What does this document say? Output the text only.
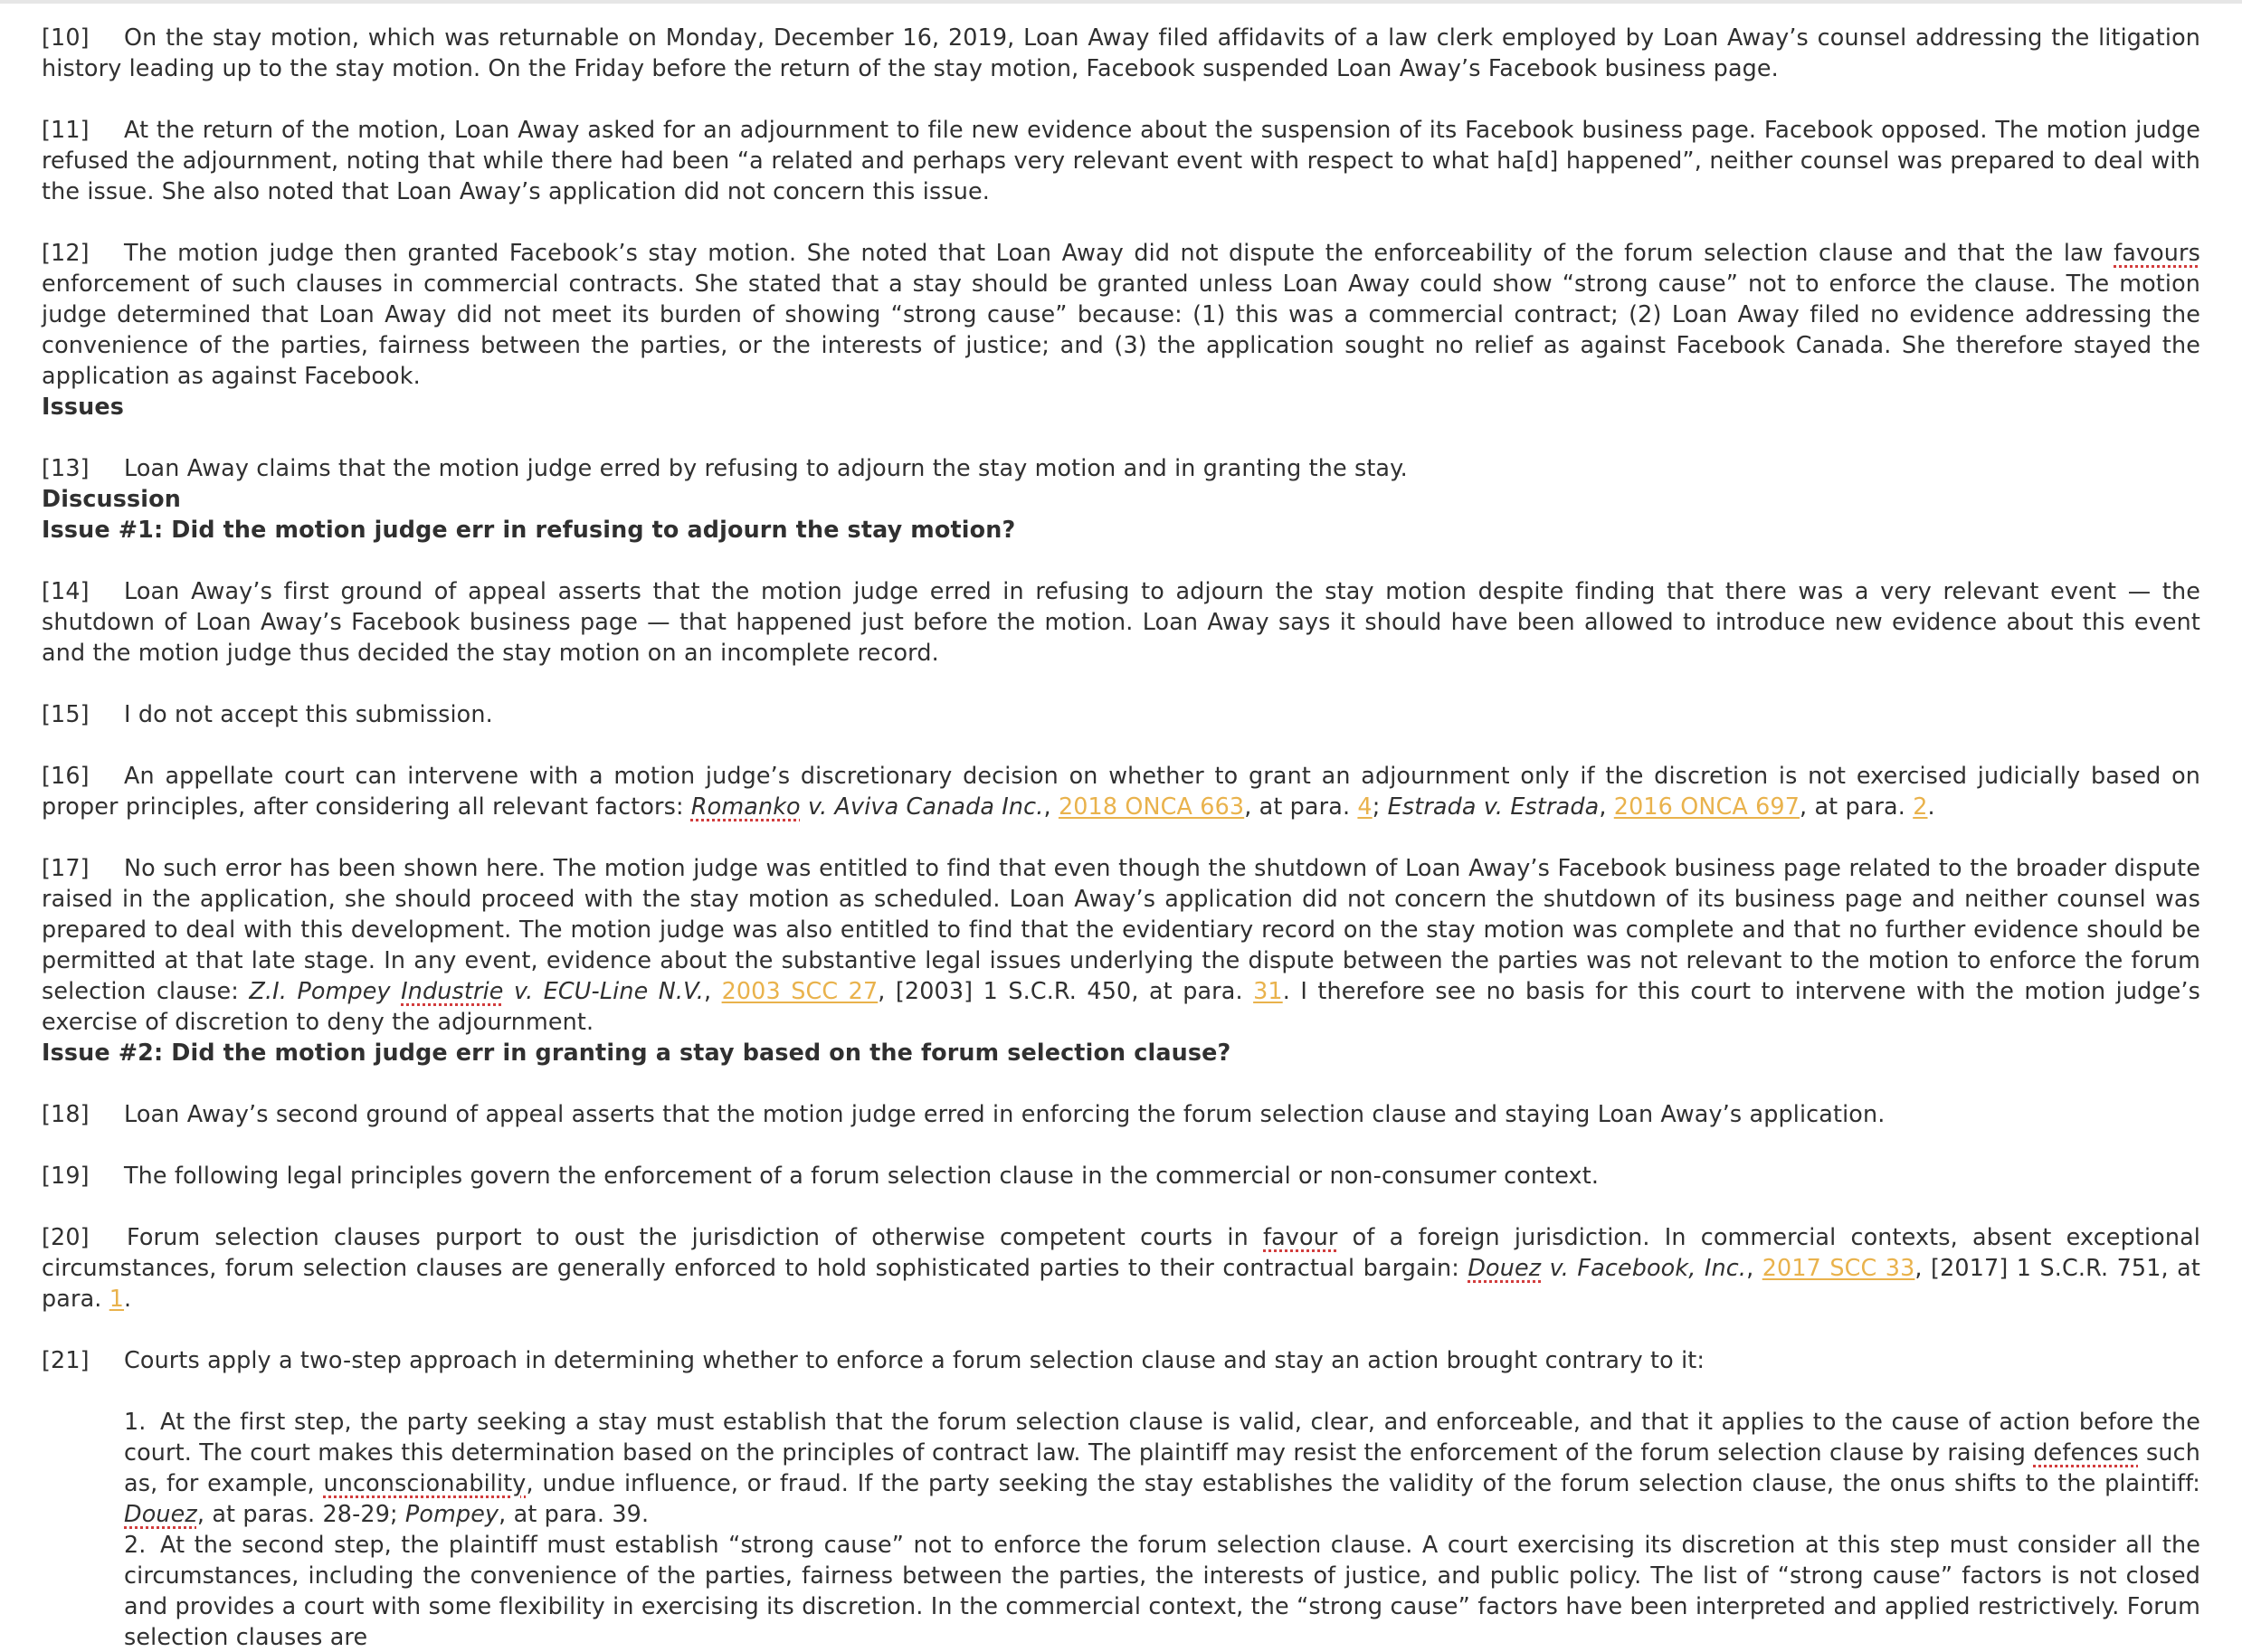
[10] On the stay motion, which was returnable on Monday, December 16, 2019, Loan Away filed affidavits of a law clerk employed by Loan Away’s counsel addressing the litigation history leading up to the stay motion. On the Friday before the return of the stay motion, Facebook suspended Loan Away’s Facebook business page.

[11] At the return of the motion, Loan Away asked for an adjournment to file new evidence about the suspension of its Facebook business page. Facebook opposed. The motion judge refused the adjournment, noting that while there had been “a related and perhaps very relevant event with respect to what ha[d] happened”, neither counsel was prepared to deal with the issue. She also noted that Loan Away’s application did not concern this issue.

[12] The motion judge then granted Facebook’s stay motion. She noted that Loan Away did not dispute the enforceability of the forum selection clause and that the law favours enforcement of such clauses in commercial contracts. She stated that a stay should be granted unless Loan Away could show “strong cause” not to enforce the clause. The motion judge determined that Loan Away did not meet its burden of showing “strong cause” because: (1) this was a commercial contract; (2) Loan Away filed no evidence addressing the convenience of the parties, fairness between the parties, or the interests of justice; and (3) the application sought no relief as against Facebook Canada. She therefore stayed the application as against Facebook.

Issues

[13] Loan Away claims that the motion judge erred by refusing to adjourn the stay motion and in granting the stay.

Discussion

Issue #1: Did the motion judge err in refusing to adjourn the stay motion?

[14] Loan Away’s first ground of appeal asserts that the motion judge erred in refusing to adjourn the stay motion despite finding that there was a very relevant event — the shutdown of Loan Away’s Facebook business page — that happened just before the motion. Loan Away says it should have been allowed to introduce new evidence about this event and the motion judge thus decided the stay motion on an incomplete record.

[15] I do not accept this submission.

[16] An appellate court can intervene with a motion judge’s discretionary decision on whether to grant an adjournment only if the discretion is not exercised judicially based on proper principles, after considering all relevant factors: Romanko v. Aviva Canada Inc., 2018 ONCA 663, at para. 4; Estrada v. Estrada, 2016 ONCA 697, at para. 2.

[17] No such error has been shown here. The motion judge was entitled to find that even though the shutdown of Loan Away’s Facebook business page related to the broader dispute raised in the application, she should proceed with the stay motion as scheduled. Loan Away’s application did not concern the shutdown of its business page and neither counsel was prepared to deal with this development. The motion judge was also entitled to find that the evidentiary record on the stay motion was complete and that no further evidence should be permitted at that late stage. In any event, evidence about the substantive legal issues underlying the dispute between the parties was not relevant to the motion to enforce the forum selection clause: Z.I. Pompey Industrie v. ECU-Line N.V., 2003 SCC 27, [2003] 1 S.C.R. 450, at para. 31. I therefore see no basis for this court to intervene with the motion judge’s exercise of discretion to deny the adjournment.

Issue #2: Did the motion judge err in granting a stay based on the forum selection clause?

[18] Loan Away’s second ground of appeal asserts that the motion judge erred in enforcing the forum selection clause and staying Loan Away’s application.

[19] The following legal principles govern the enforcement of a forum selection clause in the commercial or non-consumer context.

[20] Forum selection clauses purport to oust the jurisdiction of otherwise competent courts in favour of a foreign jurisdiction. In commercial contexts, absent exceptional circumstances, forum selection clauses are generally enforced to hold sophisticated parties to their contractual bargain: Douez v. Facebook, Inc., 2017 SCC 33, [2017] 1 S.C.R. 751, at para. 1.

[21] Courts apply a two-step approach in determining whether to enforce a forum selection clause and stay an action brought contrary to it:

1. At the first step, the party seeking a stay must establish that the forum selection clause is valid, clear, and enforceable, and that it applies to the cause of action before the court. The court makes this determination based on the principles of contract law. The plaintiff may resist the enforcement of the forum selection clause by raising defences such as, for example, unconscionability, undue influence, or fraud. If the party seeking the stay establishes the validity of the forum selection clause, the onus shifts to the plaintiff: Douez, at paras. 28-29; Pompey, at para. 39.

2. At the second step, the plaintiff must establish “strong cause” not to enforce the forum selection clause. A court exercising its discretion at this step must consider all the circumstances, including the convenience of the parties, fairness between the parties, the interests of justice, and public policy. The list of “strong cause” factors is not closed and provides a court with some flexibility in exercising its discretion. In the commercial context, the “strong cause” factors have been interpreted and applied restrictively. Forum selection clauses are
